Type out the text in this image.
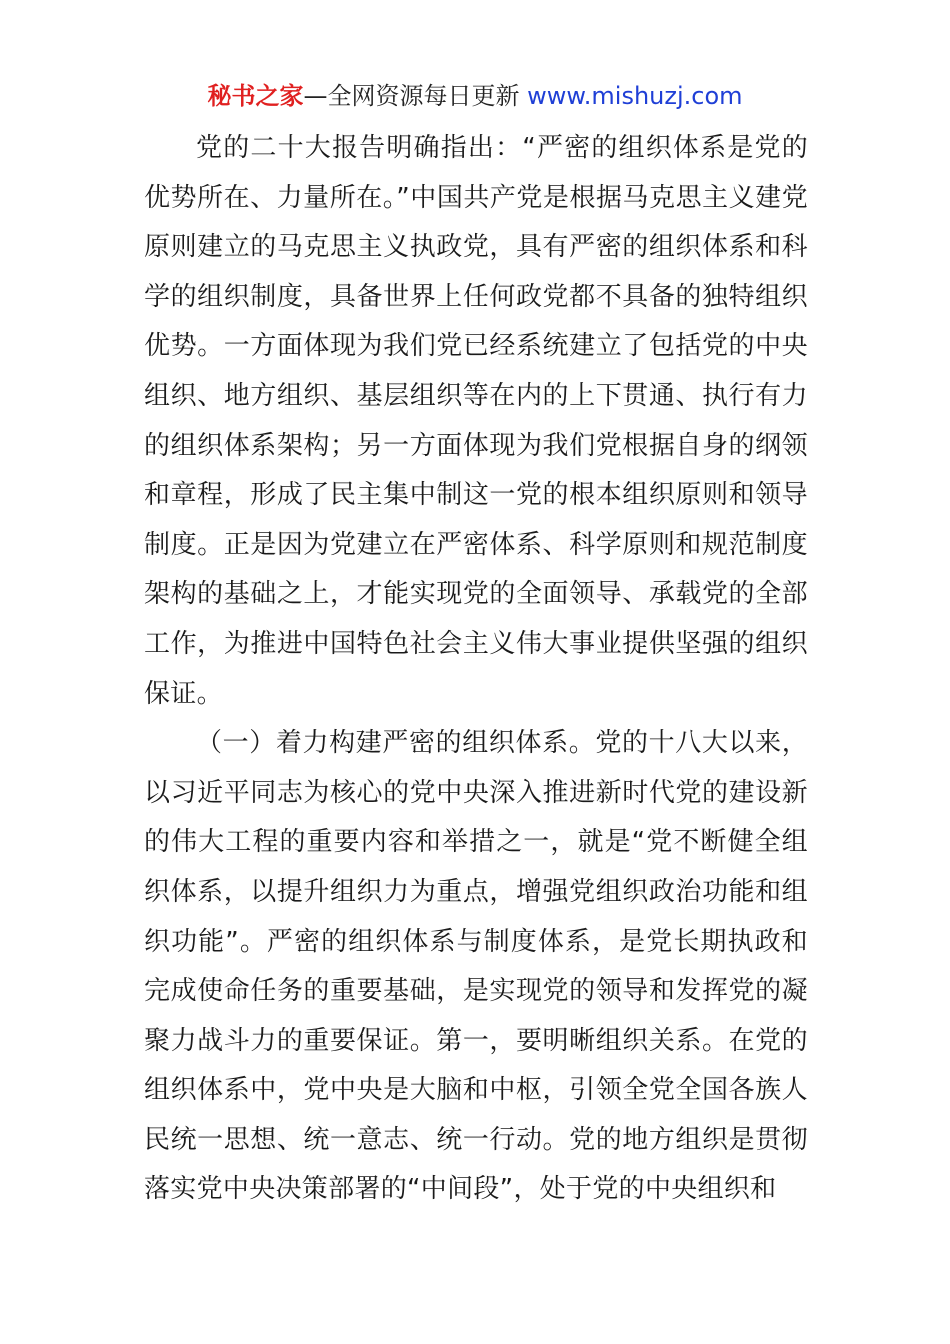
秘书之家—全网资源每日更新 www.mishuzj.com

党的二十大报告明确指出：“严密的组织体系是党的优势所在、力量所在。”中国共产党是根据马克思主义建党原则建立的马克思主义执政党，具有严密的组织体系和科学的组织制度，具备世界上任何政党都不具备的独特组织优势。一方面体现为我们党已经系统建立了包括党的中央组织、地方组织、基层组织等在内的上下贯通、执行有力的组织体系架构；另一方面体现为我们党根据自身的纲领和章程，形成了民主集中制这一党的根本组织原则和领导制度。正是因为党建立在严密体系、科学原则和规范制度架构的基础之上，才能实现党的全面领导、承载党的全部工作，为推进中国特色社会主义伟大事业提供坚强的组织保证。

（一）着力构建严密的组织体系。党的十八大以来，以习近平同志为核心的党中央深入推进新时代党的建设新的伟大工程的重要内容和举措之一，就是“党不断健全组织体系，以提升组织力为重点，增强党组织政治功能和组织功能”。严密的组织体系与制度体系，是党长期执政和完成使命任务的重要基础，是实现党的领导和发挥党的凝聚力战斗力的重要保证。第一，要明晰组织关系。在党的组织体系中，党中央是大脑和中枢，引领全党全国各族人民统一思想、统一意志、统一行动。党的地方组织是贯彻落实党中央决策部署的“中间段”，处于党的中央组织和
